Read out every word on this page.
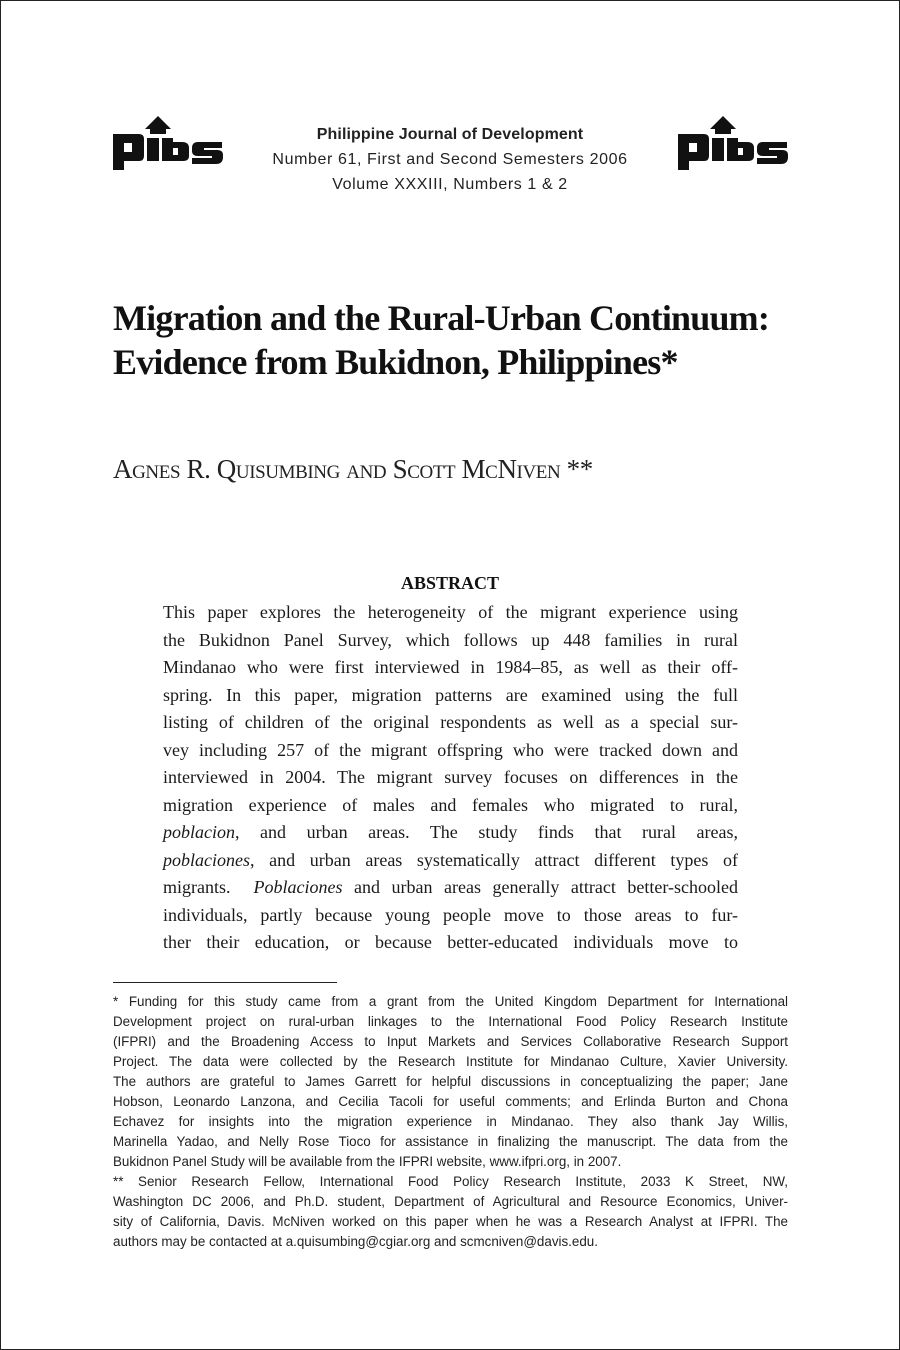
pids
Philippine Journal of Development
Number 61, First and Second Semesters 2006
Volume XXXIII, Numbers 1 & 2
Migration and the Rural-Urban Continuum:
Evidence from Bukidnon, Philippines*
Agnes R. Quisumbing and Scott McNiven **
ABSTRACT
This paper explores the heterogeneity of the migrant experience using
the Bukidnon Panel Survey, which follows up 448 families in rural
Mindanao who were first interviewed in 1984–85, as well as their off-
spring. In this paper, migration patterns are examined using the full
listing of children of the original respondents as well as a special sur-
vey including 257 of the migrant offspring who were tracked down and
interviewed in 2004. The migrant survey focuses on differences in the
migration experience of males and females who migrated to rural,
poblacion, and urban areas. The study finds that rural areas,
poblaciones, and urban areas systematically attract different types of
migrants.  Poblaciones and urban areas generally attract better-schooled
individuals, partly because young people move to those areas to fur-
ther their education, or because better-educated individuals move to
* Funding for this study came from a grant from the United Kingdom Department for International
Development project on rural-urban linkages to the International Food Policy Research Institute
(IFPRI) and the Broadening Access to Input Markets and Services Collaborative Research Support
Project. The data were collected by the Research Institute for Mindanao Culture, Xavier University.
The authors are grateful to James Garrett for helpful discussions in conceptualizing the paper; Jane
Hobson, Leonardo Lanzona, and Cecilia Tacoli for useful comments; and Erlinda Burton and Chona
Echavez for insights into the migration experience in Mindanao. They also thank Jay Willis,
Marinella Yadao, and Nelly Rose Tioco for assistance in finalizing the manuscript. The data from the
Bukidnon Panel Study will be available from the IFPRI website, www.ifpri.org, in 2007.
** Senior Research Fellow, International Food Policy Research Institute, 2033 K Street, NW,
Washington DC 2006, and Ph.D. student, Department of Agricultural and Resource Economics, Univer-
sity of California, Davis. McNiven worked on this paper when he was a Research Analyst at IFPRI. The
authors may be contacted at a.quisumbing@cgiar.org and scmcniven@davis.edu.
